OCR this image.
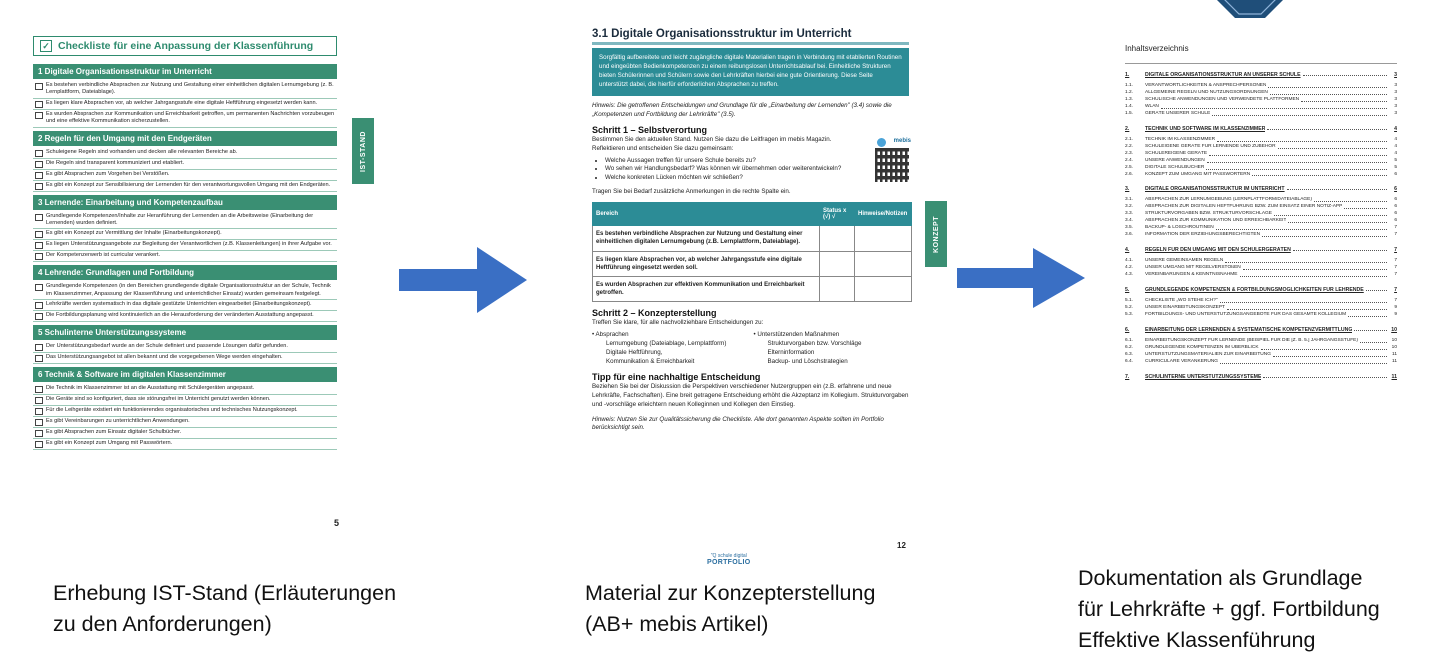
✓ Checkliste für eine Anpassung der Klassenführung
1 Digitale Organisationsstruktur im Unterricht
Es bestehen verbindliche Absprachen zur Nutzung und Gestaltung einer einheitlichen digitalen Lernumgebung (z. B. Lernplattform, Dateiablage).
Es liegen klare Absprachen vor, ab welcher Jahrgangsstufe eine digitale Heftführung eingesetzt werden kann.
Es wurden Absprachen zur Kommunikation und Erreichbarkeit getroffen, um permanenten Nachrichten vorzubeugen und eine effektive Kommunikation sicherzustellen.
2 Regeln für den Umgang mit den Endgeräten
Schuleigene Regeln sind vorhanden und decken alle relevanten Bereiche ab.
Die Regeln sind transparent kommuniziert und etabliert.
Es gibt Absprachen zum Vorgehen bei Verstößen.
Es gibt ein Konzept zur Sensibilisierung der Lernenden für den verantwortungsvollen Umgang mit den Endgeräten.
3 Lernende: Einarbeitung und Kompetenzaufbau
Grundlegende Kompetenzen/Inhalte zur Heranführung der Lernenden an die Arbeitsweise (Einarbeitung der Lernenden) wurden definiert.
Es gibt ein Konzept zur Vermittlung der Inhalte (Einarbeitungskonzept).
Es liegen Unterstützungsangebote zur Begleitung der Verantwortlichen (z.B. Klassenleitungen) in ihrer Aufgabe vor.
Der Kompetenzerwerb ist curricular verankert.
4 Lehrende: Grundlagen und Fortbildung
Grundlegende Kompetenzen (in den Bereichen grundlegende digitale Organisationsstruktur an der Schule, Technik im Klassenzimmer, Anpassung der Klassenführung und unterrichtlicher Einsatz) wurden gemeinsam festgelegt.
Lehrkräfte werden systematisch in das digitale gestützte Unterrichten eingearbeitet (Einarbeitungskonzept).
Die Fortbildungsplanung wird kontinuierlich an die Herausforderung der veränderten Ausstattung angepasst.
5 Schulinterne Unterstützungssysteme
Der Unterstützungsbedarf wurde an der Schule definiert und passende Lösungen dafür gefunden.
Das Unterstützungsangebot ist allen bekannt und die vorgegebenen Wege werden eingehalten.
6 Technik & Software im digitalen Klassenzimmer
Die Technik im Klassenzimmer ist an die Ausstattung mit Schülergeräten angepasst.
Die Geräte sind so konfiguriert, dass sie störungsfrei im Unterricht genutzt werden können.
Für die Leihgeräte existiert ein funktionierendes organisatorisches und technisches Nutzungskonzept.
Es gibt Vereinbarungen zu unterrichtlichen Anwendungen.
Es gibt Absprachen zum Einsatz digitaler Schulbücher.
Es gibt ein Konzept zum Umgang mit Passwörtern.
5
IST-STAND
3.1 Digitale Organisationsstruktur im Unterricht
Sorgfältig aufbereitete und leicht zugängliche digitale Materialien tragen in Verbindung mit etablierten Routinen und eingeübten Bedienkompetenzen zu einem reibungslosen Unterrichtsablauf bei. Einheitliche Strukturen bieten Schülerinnen und Schülern sowie den Lehrkräften hierbei eine gute Orientierung. Diese Seite unterstützt dabei, die hierfür erforderlichen Absprachen zu treffen.
Hinweis: Die getroffenen Entscheidungen und Grundlage für die „Einarbeitung der Lernenden" (3.4) sowie die „Kompetenzen und Fortbildung der Lehrkräfte" (3.5).
Schritt 1 – Selbstverortung
Bestimmen Sie den aktuellen Stand. Nutzen Sie dazu die Leitfragen im mebis Magazin. Reflektieren und entscheiden Sie dazu gemeinsam:
• Welche Aussagen treffen für unsere Schule bereits zu?
• Wo sehen wir Handlungsbedarf? Was können wir übernehmen oder weiterentwickeln?
• Welche konkreten Lücken möchten wir schließen?
mebis
Tragen Sie bei Bedarf zusätzliche Anmerkungen in die rechte Spalte ein.
Bereich	Status x (√) √	Hinweise/Notizen
Es bestehen verbindliche Absprachen zur Nutzung und Gestaltung einer einheitlichen digitalen Lernumgebung (z.B. Lernplattform, Dateiablage).		
Es liegen klare Absprachen vor, ab welcher Jahrgangsstufe eine digitale Heftführung eingesetzt werden soll.		
Es wurden Absprachen zur effektiven Kommunikation und Erreichbarkeit getroffen.		
Schritt 2 – Konzepterstellung
Treffen Sie klare, für alle nachvollziehbare Entscheidungen zu:
• Absprachen
Lernumgebung (Dateiablage, Lernplattform)
Digitale Heftführung,
Kommunikation & Erreichbarkeit
• Unterstützenden Maßnahmen
Strukturvorgaben bzw. Vorschläge
Elterninformation
Backup- und Löschstrategien
Tipp für eine nachhaltige Entscheidung
Beziehen Sie bei der Diskussion die Perspektiven verschiedener Nutzergruppen ein (z.B. erfahrene und neue Lehrkräfte, Fachschaften). Eine breit getragene Entscheidung erhöht die Akzeptanz im Kollegium. Strukturvorgaben und -vorschläge erleichtern neuen Kolleginnen und Kollegen den Einstieg.
Hinweis: Nutzen Sie zur Qualitätssicherung die Checkliste. Alle dort genannten Aspekte sollten im Portfolio berücksichtigt sein.
12
"Q schule digital
PORTFOLIO
KONZEPT
Inhaltsverzeichnis
1.	DIGITALE ORGANISATIONSSTRUKTUR AN UNSERER SCHULE	3
1.1.	VERANTWORTLICHKEITEN & ANSPRECHPERSONEN	3
1.2.	ALLGEMEINE REGELN UND NUTZUNGSORDNUNGEN	3
1.3.	SCHULISCHE ANWENDUNGEN UND VERWENDETE PLATTFORMEN	3
1.4.	WLAN	3
1.5.	GERÄTE UNSERER SCHULE	3
2.	TECHNIK UND SOFTWARE IM KLASSENZIMMER	4
2.1.	TECHNIK IM KLASSENZIMMER	4
2.2.	SCHULEIGENE GERÄTE FÜR LERNENDE UND ZUBEHÖR	4
2.3.	SCHÜLEREIGENE GERÄTE	4
2.4.	UNSERE ANWENDUNGEN	5
2.5.	DIGITALE SCHULBÜCHER	5
2.6.	KONZEPT ZUM UMGANG MIT PASSWÖRTERN	6
3.	DIGITALE ORGANISATIONSSTRUKTUR IM UNTERRICHT	6
3.1.	ABSPRACHEN ZUR LERNUMGEBUNG (LERNPLATTFORM/DATEIABLAGE)	6
3.2.	ABSPRACHEN ZUR DIGITALEN HEFTFÜHRUNG BZW. ZUM EINSATZ EINER NOTIZ-APP	6
3.3.	STRUKTURVORGABEN BZW. STRUKTURVORSCHLÄGE	6
3.4.	ABSPRACHEN ZUR KOMMUNIKATION UND ERREICHBARKEIT	6
3.5.	BACKUP- & LÖSCHROUTINEN	7
3.6.	INFORMATION DER ERZIEHUNGSBERECHTIGTEN	7
4.	REGELN FÜR DEN UMGANG MIT DEN SCHÜLERGERÄTEN	7
4.1.	UNSERE GEMEINSAMEN REGELN	7
4.2.	UNSER UMGANG MIT REGELVERSTÖßEN	7
4.3.	VEREINBARUNGEN & KENNTNISNAHME	7
5.	GRUNDLEGENDE KOMPETENZEN & FORTBILDUNGSMÖGLICHKEITEN FÜR LEHRENDE	7
5.1.	CHECKLISTE „WO STEHE ICH?"	7
5.2.	UNSER EINARBEITUNGSKONZEPT	9
5.3.	FORTBILDUNGS- UND UNTERSTÜTZUNGSANGEBOTE FÜR DAS GESAMTE KOLLEGIUM	9
6.	EINARBEITUNG DER LERNENDEN & SYSTEMATISCHE KOMPETENZVERMITTLUNG	10
6.1.	EINARBEITUNGSKONZEPT FÜR LERNENDE (BEISPIEL FÜR DIE [Z. B. 5.] JAHRGANGSSTUFE)	10
6.2.	GRUNDLEGENDE KOMPETENZEN IM ÜBERBLICK	10
6.3.	UNTERSTÜTZUNGSMATERIALIEN ZUR EINARBEITUNG	11
6.4.	CURRICULARE VERANKERUNG	11
7.	SCHULINTERNE UNTERSTÜTZUNGSSYSTEME	11
Erhebung IST-Stand (Erläuterungen
zu den Anforderungen)
Material zur Konzepterstellung
(AB+ mebis Artikel)
Dokumentation als Grundlage
für Lehrkräfte + ggf. Fortbildung
Effektive Klassenführung
